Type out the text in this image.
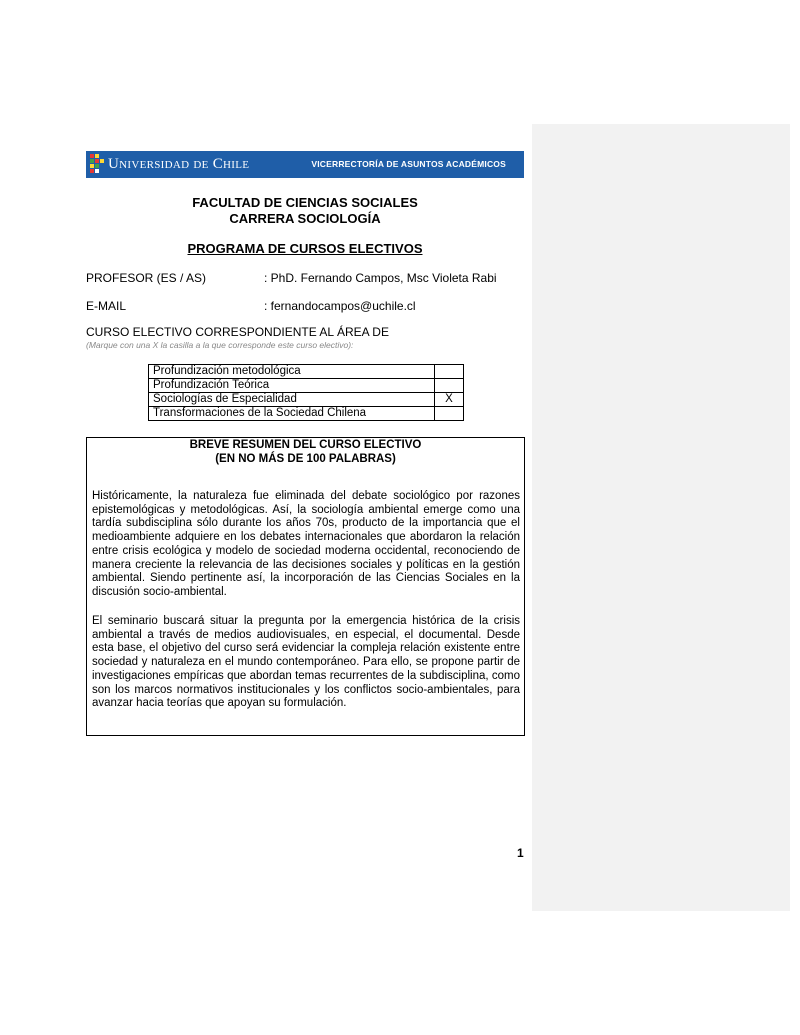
Universidad de Chile	VICERRECTORÍA DE ASUNTOS ACADÉMICOS
FACULTAD DE CIENCIAS SOCIALES
CARRERA SOCIOLOGÍA
PROGRAMA DE CURSOS ELECTIVOS
PROFESOR (ES / AS)	: PhD. Fernando Campos, Msc Violeta Rabi
E-MAIL	: fernandocampos@uchile.cl
CURSO ELECTIVO CORRESPONDIENTE AL ÁREA DE
(Marque con una X la casilla a la que corresponde este curso electivo):
Profundización metodológica	
Profundización Teórica	
Sociologías de Especialidad	X
Transformaciones de la Sociedad Chilena	
BREVE RESUMEN DEL CURSO ELECTIVO
(EN NO MÁS DE 100 PALABRAS)
Históricamente, la naturaleza fue eliminada del debate sociológico por razones epistemológicas y metodológicas. Así, la sociología ambiental emerge como una tardía subdisciplina sólo durante los años 70s, producto de la importancia que el medioambiente adquiere en los debates internacionales que abordaron la relación entre crisis ecológica y modelo de sociedad moderna occidental, reconociendo de manera creciente la relevancia de las decisiones sociales y políticas en la gestión ambiental. Siendo pertinente así, la incorporación de las Ciencias Sociales en la discusión socio-ambiental.
El seminario buscará situar la pregunta por la emergencia histórica de la crisis ambiental a través de medios audiovisuales, en especial, el documental. Desde esta base, el objetivo del curso será evidenciar la compleja relación existente entre sociedad y naturaleza en el mundo contemporáneo. Para ello, se propone partir de investigaciones empíricas que abordan temas recurrentes de la subdisciplina, como son los marcos normativos institucionales y los conflictos socio-ambientales, para avanzar hacia teorías que apoyan su formulación.
1
